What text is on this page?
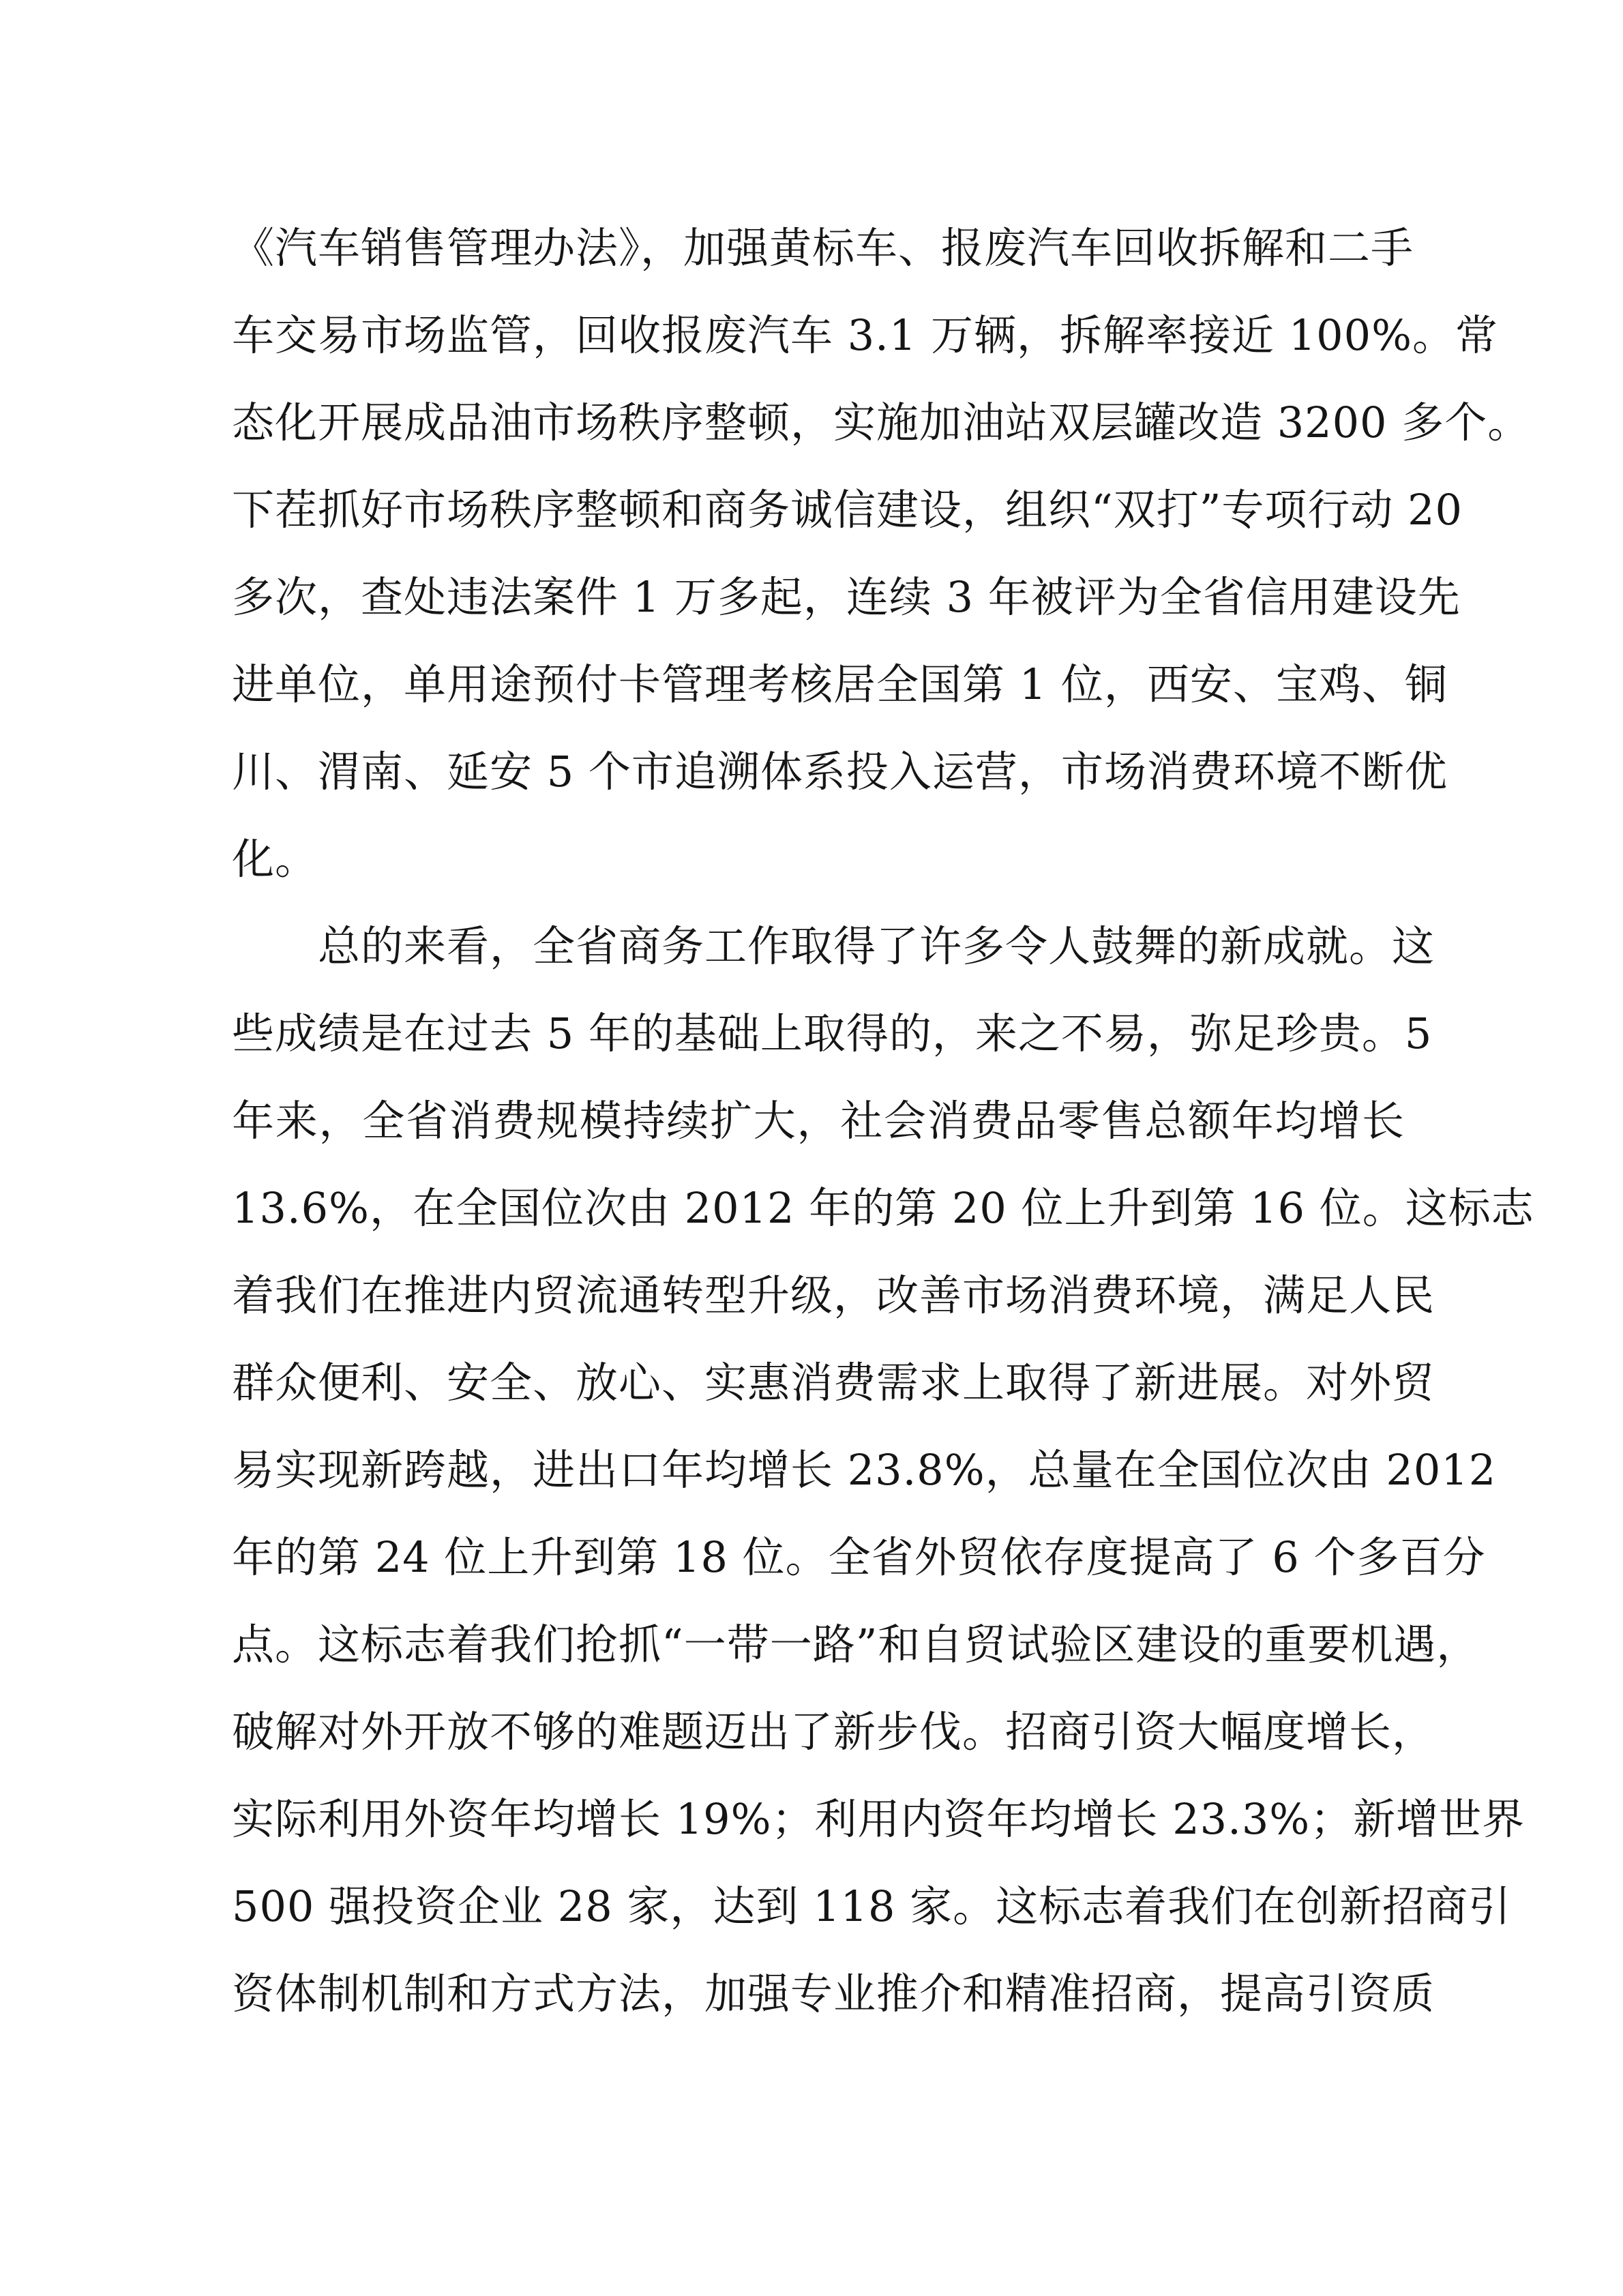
《汽车销售管理办法》，加强黄标车、报废汽车回收拆解和二手
车交易市场监管，回收报废汽车 3.1 万辆，拆解率接近 100%。常
态化开展成品油市场秩序整顿，实施加油站双层罐改造 3200 多个。
下茬抓好市场秩序整顿和商务诚信建设，组织“双打”专项行动 20
多次，查处违法案件 1 万多起，连续 3 年被评为全省信用建设先
进单位，单用途预付卡管理考核居全国第 1 位，西安、宝鸡、铜
川、渭南、延安 5 个市追溯体系投入运营，市场消费环境不断优
化。
总的来看，全省商务工作取得了许多令人鼓舞的新成就。这
些成绩是在过去 5 年的基础上取得的，来之不易，弥足珍贵。5
年来，全省消费规模持续扩大，社会消费品零售总额年均增长
13.6%，在全国位次由 2012 年的第 20 位上升到第 16 位。这标志
着我们在推进内贸流通转型升级，改善市场消费环境，满足人民
群众便利、安全、放心、实惠消费需求上取得了新进展。对外贸
易实现新跨越，进出口年均增长 23.8%，总量在全国位次由 2012
年的第 24 位上升到第 18 位。全省外贸依存度提高了 6 个多百分
点。这标志着我们抢抓“一带一路”和自贸试验区建设的重要机遇，
破解对外开放不够的难题迈出了新步伐。招商引资大幅度增长，
实际利用外资年均增长 19%；利用内资年均增长 23.3%；新增世界
500 强投资企业 28 家，达到 118 家。这标志着我们在创新招商引
资体制机制和方式方法，加强专业推介和精准招商，提高引资质
